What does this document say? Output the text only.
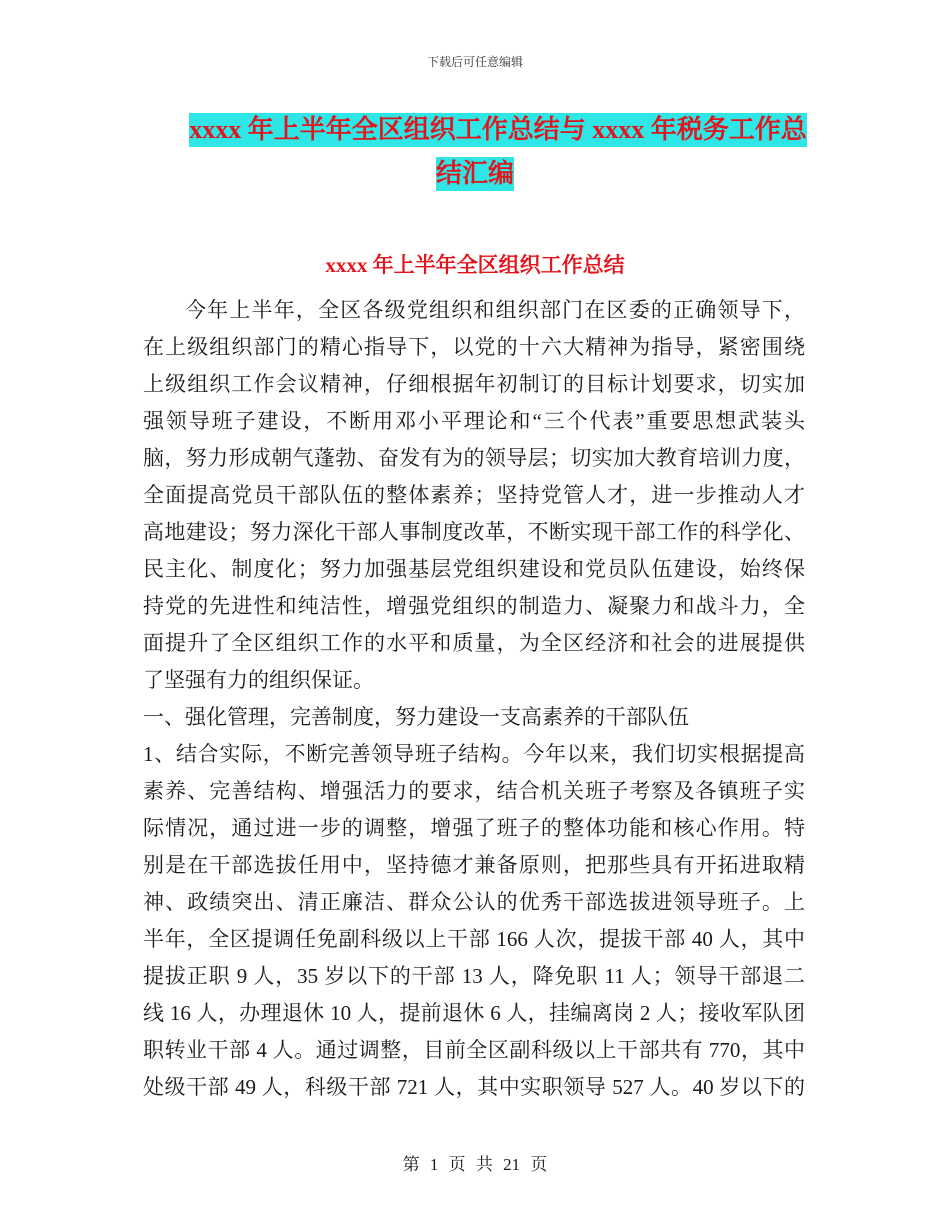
下载后可任意编辑
xxxx 年上半年全区组织工作总结与 xxxx 年税务工作总
结汇编
xxxx 年上半年全区组织工作总结
今年上半年，全区各级党组织和组织部门在区委的正确领导下，
在上级组织部门的精心指导下，以党的十六大精神为指导，紧密围绕
上级组织工作会议精神，仔细根据年初制订的目标计划要求，切实加
强领导班子建设，不断用邓小平理论和“三个代表”重要思想武装头
脑，努力形成朝气蓬勃、奋发有为的领导层；切实加大教育培训力度，
全面提高党员干部队伍的整体素养；坚持党管人才，进一步推动人才
高地建设；努力深化干部人事制度改革，不断实现干部工作的科学化、
民主化、制度化；努力加强基层党组织建设和党员队伍建设，始终保
持党的先进性和纯洁性，增强党组织的制造力、凝聚力和战斗力，全
面提升了全区组织工作的水平和质量，为全区经济和社会的进展提供
了坚强有力的组织保证。
一、强化管理，完善制度，努力建设一支高素养的干部队伍
1、结合实际，不断完善领导班子结构。今年以来，我们切实根据提高
素养、完善结构、增强活力的要求，结合机关班子考察及各镇班子实
际情况，通过进一步的调整，增强了班子的整体功能和核心作用。特
别是在干部选拔任用中，坚持德才兼备原则，把那些具有开拓进取精
神、政绩突出、清正廉洁、群众公认的优秀干部选拔进领导班子。上
半年，全区提调任免副科级以上干部 166 人次，提拔干部 40 人，其中
提拔正职 9 人，35 岁以下的干部 13 人，降免职 11 人；领导干部退二
线 16 人，办理退休 10 人，提前退休 6 人，挂编离岗 2 人；接收军队团
职转业干部 4 人。通过调整，目前全区副科级以上干部共有 770，其中
处级干部 49 人，科级干部 721 人，其中实职领导 527 人。40 岁以下的
第 1 页 共 21 页
